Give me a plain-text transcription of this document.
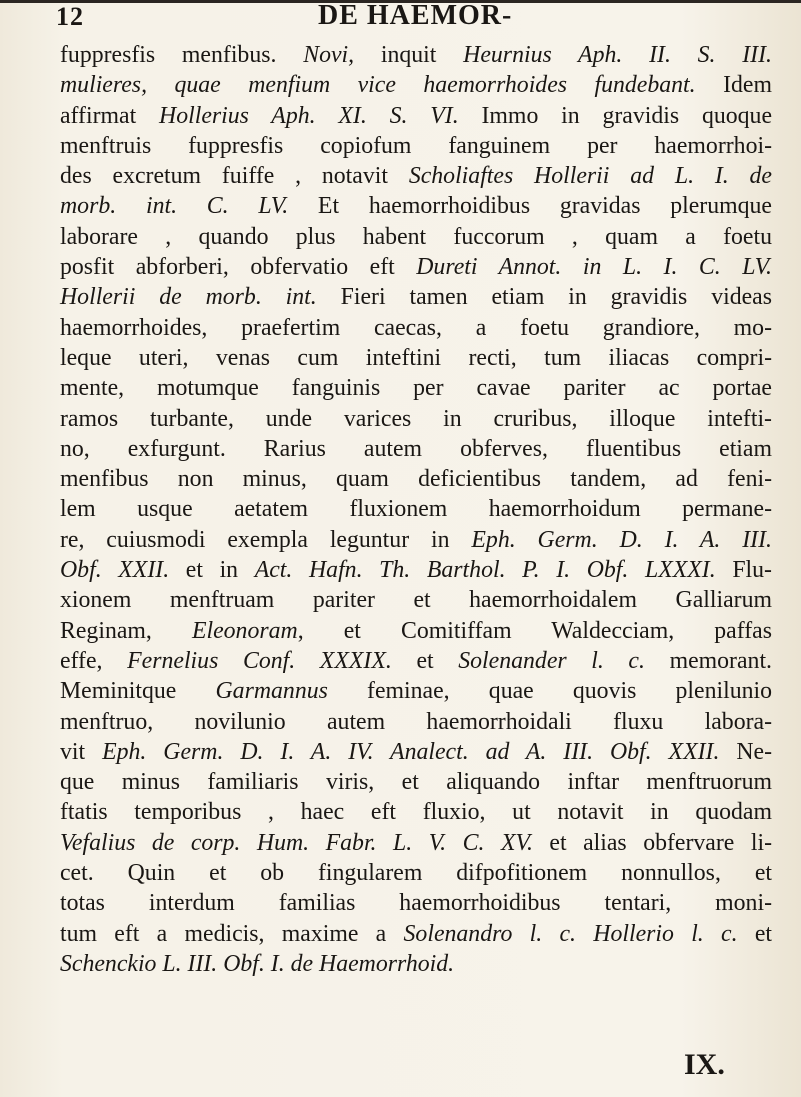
12	DE HAEMOR-
fuppresfis menfibus. Novi, inquit Heurnius Aph. II. S. III.
mulieres, quae menfium vice haemorrhoides fundebant. Idem
affirmat Hollerius Aph. XI. S. VI. Immo in gravidis quoque
menftruis fuppresfis copiofum fanguinem per haemorrhoi-
des excretum fuiffe , notavit Scholiaftes Hollerii ad L. I. de
morb. int. C. LV. Et haemorrhoidibus gravidas plerumque
laborare , quando plus habent fuccorum , quam a foetu
posfit abforberi, obfervatio eft Dureti Annot. in L. I. C. LV.
Hollerii de morb. int. Fieri tamen etiam in gravidis videas
haemorrhoides, praefertim caecas, a foetu grandiore, mo-
leque uteri, venas cum inteftini recti, tum iliacas compri-
mente, motumque fanguinis per cavae pariter ac portae
ramos turbante, unde varices in cruribus, illoque intefti-
no, exfurgunt. Rarius autem obferves, fluentibus etiam
menfibus non minus, quam deficientibus tandem, ad feni-
lem usque aetatem fluxionem haemorrhoidum permane-
re, cuiusmodi exempla leguntur in Eph. Germ. D. I. A. III.
Obf. XXII. et in Act. Hafn. Th. Barthol. P. I. Obf. LXXXI. Flu-
xionem menftruam pariter et haemorrhoidalem Galliarum
Reginam, Eleonoram, et Comitiffam Waldecciam, paffas
effe, Fernelius Conf. XXXIX. et Solenander l. c. memorant.
Meminitque Garmannus feminae, quae quovis plenilunio
menftruo, novilunio autem haemorrhoidali fluxu labora-
vit Eph. Germ. D. I. A. IV. Analect. ad A. III. Obf. XXII. Ne-
que minus familiaris viris, et aliquando inftar menftruorum
ftatis temporibus , haec eft fluxio, ut notavit in quodam
Vefalius de corp. Hum. Fabr. L. V. C. XV. et alias obfervare li-
cet. Quin et ob fingularem difpofitionem nonnullos, et
totas interdum familias haemorrhoidibus tentari, moni-
tum eft a medicis, maxime a Solenandro l. c. Hollerio l. c. et
Schenckio L. III. Obf. I. de Haemorrhoid.
IX.
